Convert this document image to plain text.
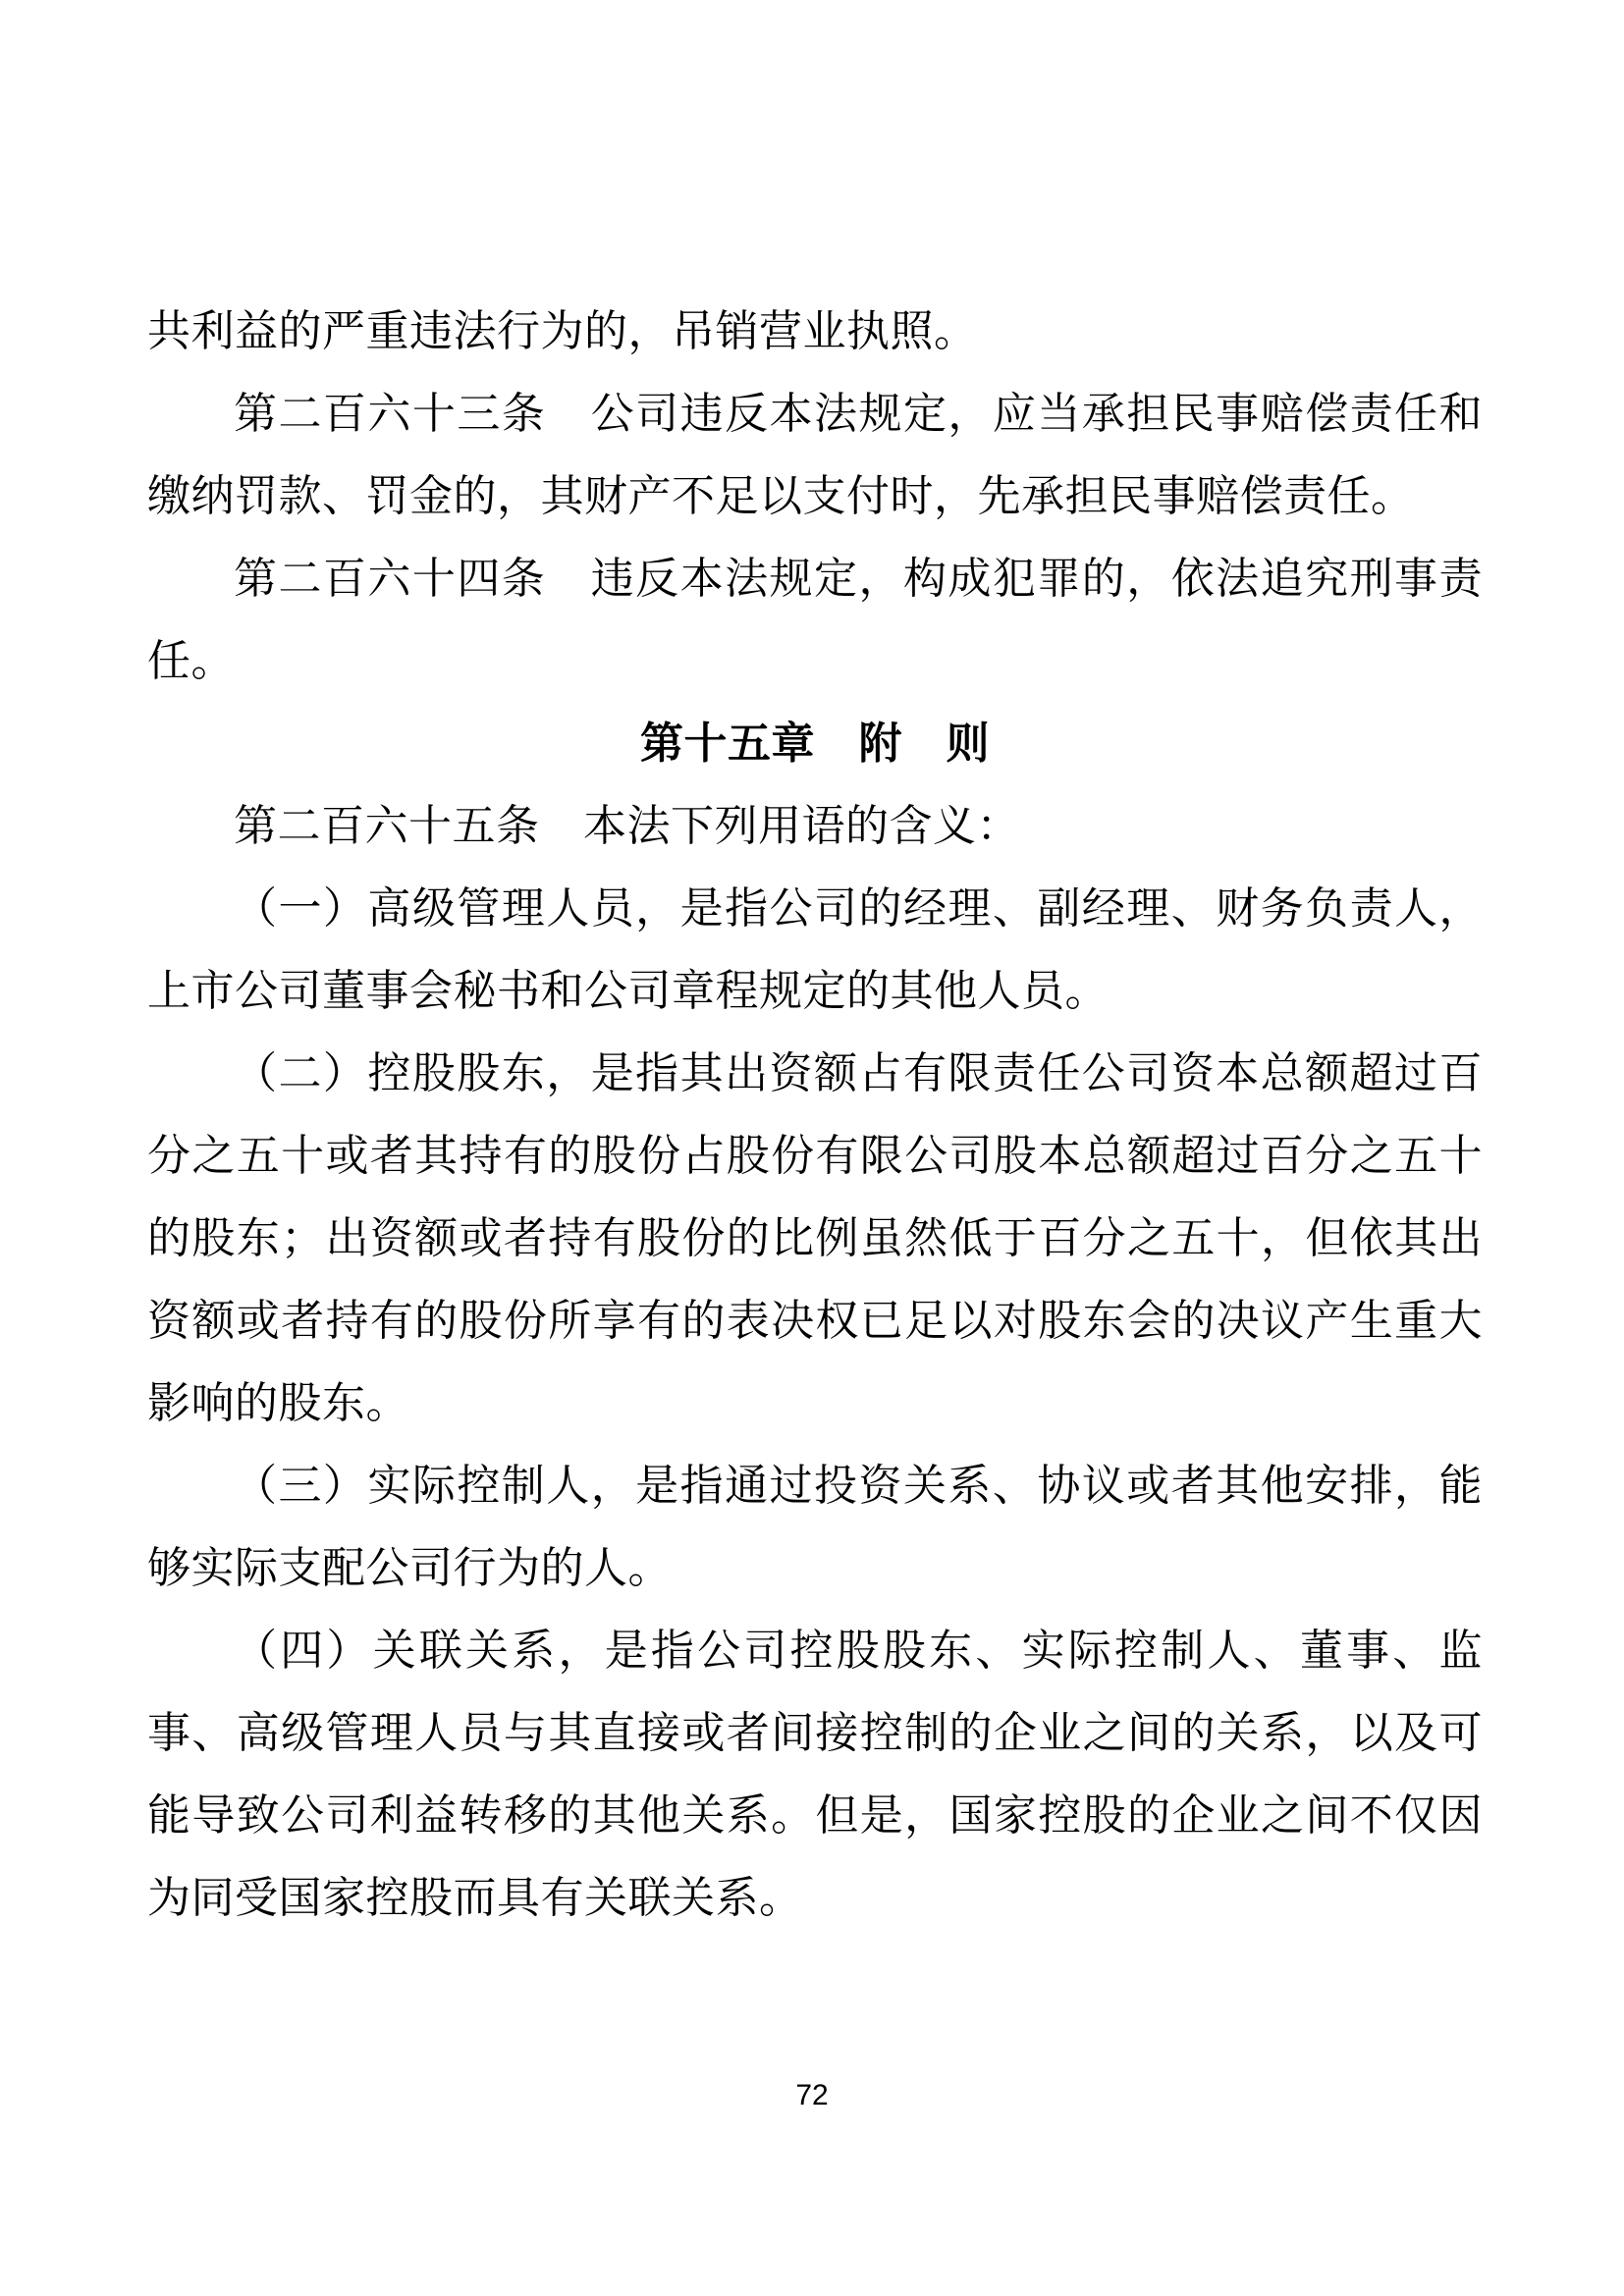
共利益的严重违法行为的，吊销营业执照。

第二百六十三条　公司违反本法规定，应当承担民事赔偿责任和缴纳罚款、罚金的，其财产不足以支付时，先承担民事赔偿责任。

第二百六十四条　违反本法规定，构成犯罪的，依法追究刑事责任。

第十五章　附　则

第二百六十五条　本法下列用语的含义：

（一）高级管理人员，是指公司的经理、副经理、财务负责人，上市公司董事会秘书和公司章程规定的其他人员。

（二）控股股东，是指其出资额占有限责任公司资本总额超过百分之五十或者其持有的股份占股份有限公司股本总额超过百分之五十的股东；出资额或者持有股份的比例虽然低于百分之五十，但依其出资额或者持有的股份所享有的表决权已足以对股东会的决议产生重大影响的股东。

（三）实际控制人，是指通过投资关系、协议或者其他安排，能够实际支配公司行为的人。

（四）关联关系，是指公司控股股东、实际控制人、董事、监事、高级管理人员与其直接或者间接控制的企业之间的关系，以及可能导致公司利益转移的其他关系。但是，国家控股的企业之间不仅因为同受国家控股而具有关联关系。

72
